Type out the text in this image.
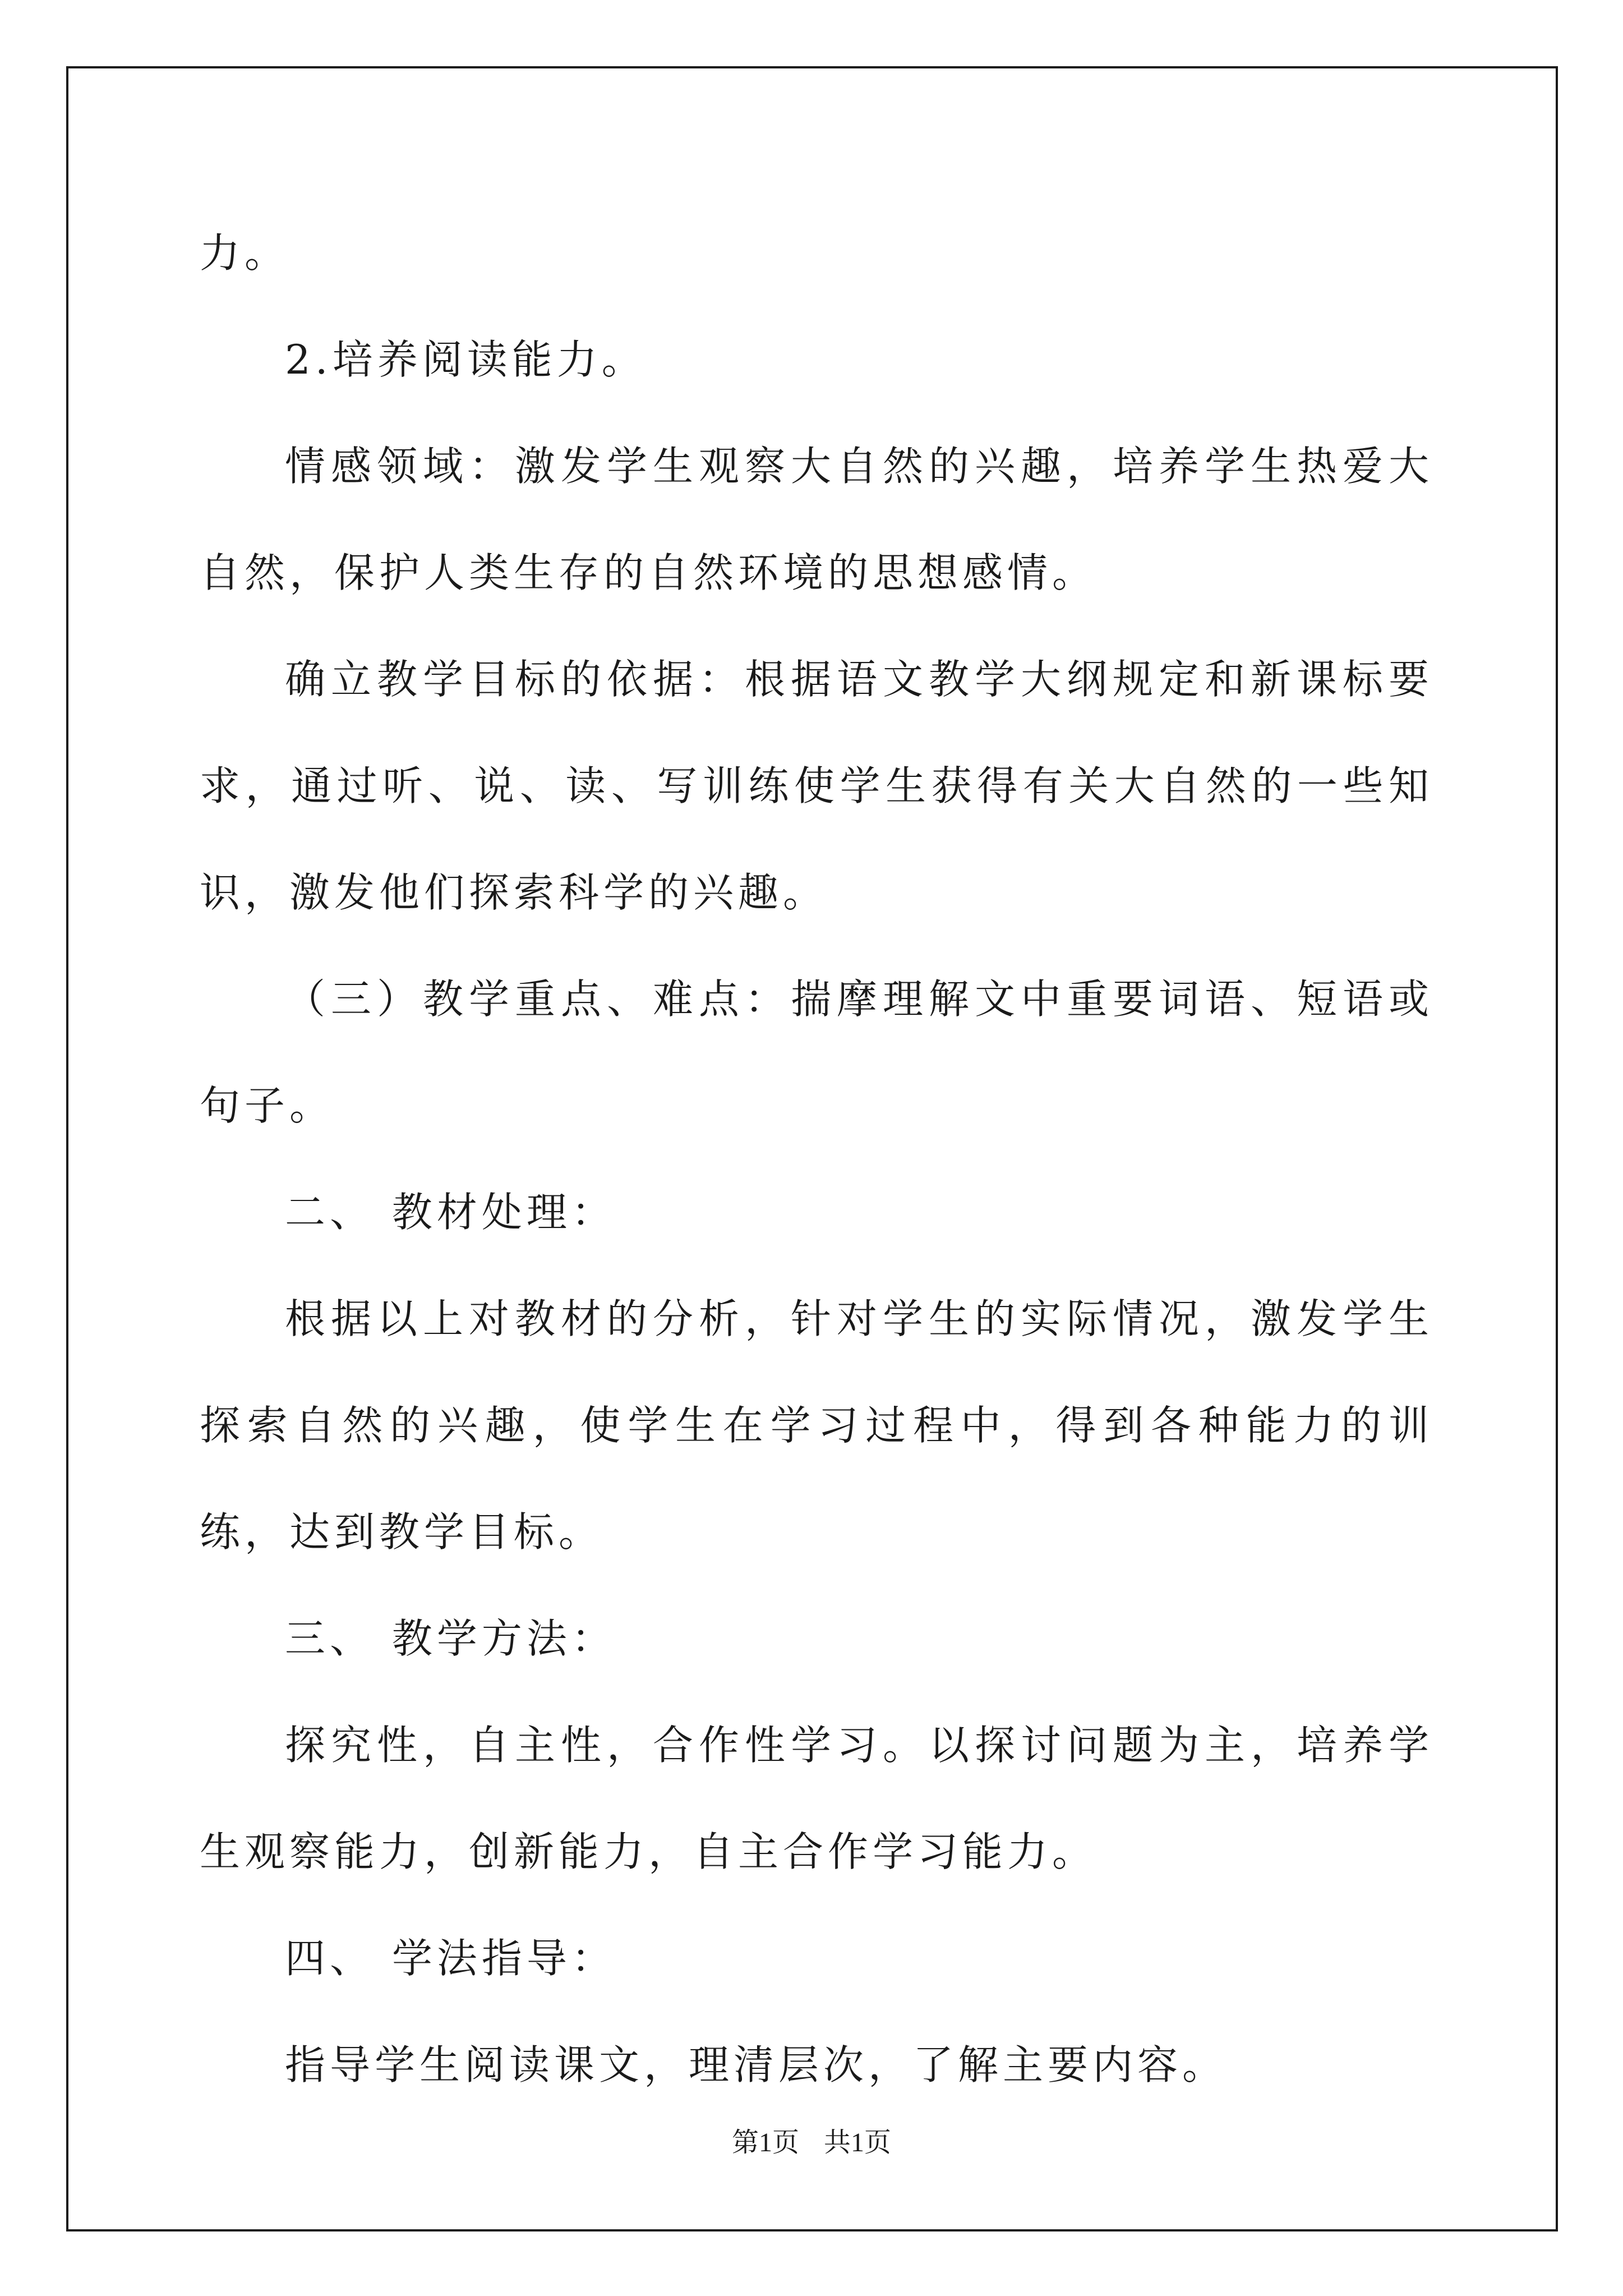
力。

2.培养阅读能力。

情感领域：激发学生观察大自然的兴趣，培养学生热爱大自然，保护人类生存的自然环境的思想感情。

确立教学目标的依据：根据语文教学大纲规定和新课标要求，通过听、说、读、写训练使学生获得有关大自然的一些知识，激发他们探索科学的兴趣。

（三）教学重点、难点：揣摩理解文中重要词语、短语或句子。

二、 教材处理：

根据以上对教材的分析，针对学生的实际情况，激发学生探索自然的兴趣，使学生在学习过程中，得到各种能力的训练，达到教学目标。

三、 教学方法：

探究性，自主性，合作性学习。以探讨问题为主，培养学生观察能力，创新能力，自主合作学习能力。

四、 学法指导：

指导学生阅读课文，理清层次，了解主要内容。

第1页 共1页
